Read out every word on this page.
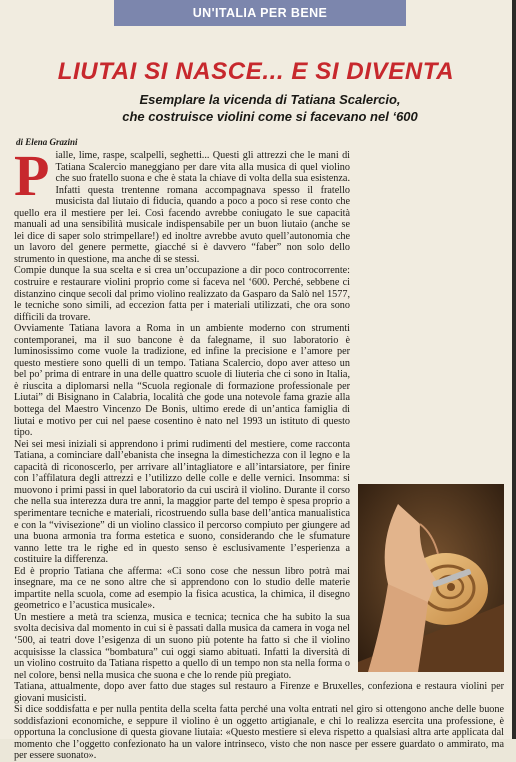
UN'ITALIA PER BENE
LIUTAI SI NASCE... E SI DIVENTA
Esemplare la vicenda di Tatiana Scalercio,
che costruisce violini come si facevano nel ‘600
di Elena Grazini

Pialle, lime, raspe, scalpelli, seghetti... Questi gli attrezzi che le mani di Tatiana Scalercio maneggiano per dare vita alla musica di quel violino che suo fratello suona e che è stata la chiave di volta della sua esistenza. Infatti questa trentenne romana accompagnava spesso il fratello musicista dal liutaio di fiducia, quando a poco a poco si rese conto che quello era il mestiere per lei. Così facendo avrebbe coniugato le sue capacità manuali ad una sensibilità musicale indispensabile per un buon liutaio (anche se lei dice di saper solo strimpellare!) ed inoltre avrebbe avuto quell’autonomia che un lavoro del genere permette, giacché si è davvero “faber” non solo dello strumento in questione, ma anche di se stessi.

Compie dunque la sua scelta e si crea un’occupazione a dir poco controcorrente: costruire e restaurare violini proprio come si faceva nel ‘600. Perché, sebbene ci distanzino cinque secoli dal primo violino realizzato da Gasparo da Salò nel 1577, le tecniche sono simili, ad eccezion fatta per i materiali utilizzati, che ora sono difficili da trovare.

Ovviamente Tatiana lavora a Roma in un ambiente moderno con strumenti contemporanei, ma il suo bancone è da falegname, il suo laboratorio è luminosissimo come vuole la tradizione, ed infine la precisione e l’amore per questo mestiere sono quelli di un tempo. Tatiana Scalercio, dopo aver atteso un bel po’ prima di entrare in una delle quattro scuole di liuteria che ci sono in Italia, è riuscita a diplomarsi nella “Scuola regionale di formazione professionale per Liutai” di Bisignano in Calabria, località che gode una notevole fama grazie alla bottega del Maestro Vincenzo De Bonis, ultimo erede di un’antica famiglia di liutai e motivo per cui nel paese cosentino è nato nel 1993 un istituto di questo tipo.

Nei sei mesi iniziali si apprendono i primi rudimenti del mestiere, come racconta Tatiana, a cominciare dall’ebanista che insegna la dimestichezza con il legno e la capacità di riconoscerlo, per arrivare all’intagliatore e all’intarsiatore, per finire con l’affilatura degli attrezzi e l’utilizzo delle colle e delle vernici. Insomma: si muovono i primi passi in quel laboratorio da cui uscirà il violino. Durante il corso che nella sua interezza dura tre anni, la maggior parte del tempo è spesa proprio a sperimentare tecniche e materiali, ricostruendo sulla base dell’antica manualistica e con la “vivisezione” di un violino classico il percorso compiuto per giungere ad una buona armonia tra forma estetica e suono, considerando che le sfumature vanno lette tra le righe ed in questo senso è esclusivamente l’esperienza a costituire la differenza.

Ed è proprio Tatiana che afferma: «Ci sono cose che nessun libro potrà mai insegnare, ma ce ne sono altre che si apprendono con lo studio delle materie impartite nella scuola, come ad esempio la fisica acustica, la chimica, il disegno geometrico e l’acustica musicale».

Un mestiere a metà tra scienza, musica e tecnica; tecnica che ha subito la sua svolta decisiva dal momento in cui si è passati dalla musica da camera in voga nel ‘500, ai teatri dove l’esigenza di un suono più potente ha fatto sì che il violino acquisisse la classica “bombatura” cui oggi siamo abituati. Infatti la diversità di un violino costruito da Tatiana rispetto a quello di un tempo non sta nella forma o nel colore, bensì nella musica che suona e che lo rende più pregiato.

Tatiana, attualmente, dopo aver fatto due stages sul restauro a Firenze e Bruxelles, confeziona e restaura violini per giovani musicisti.

Si dice soddisfatta e per nulla pentita della scelta fatta perché una volta entrati nel giro si ottengono anche delle buone soddisfazioni economiche, e seppure il violino è un oggetto artigianale, e chi lo realizza esercita una professione, è opportuna la conclusione di questa giovane liutaia: «Questo mestiere si eleva rispetto a qualsiasi altra arte applicata dal momento che l’oggetto confezionato ha un valore intrinseco, visto che non nasce per essere guardato o ammirato, ma per essere suonato».
